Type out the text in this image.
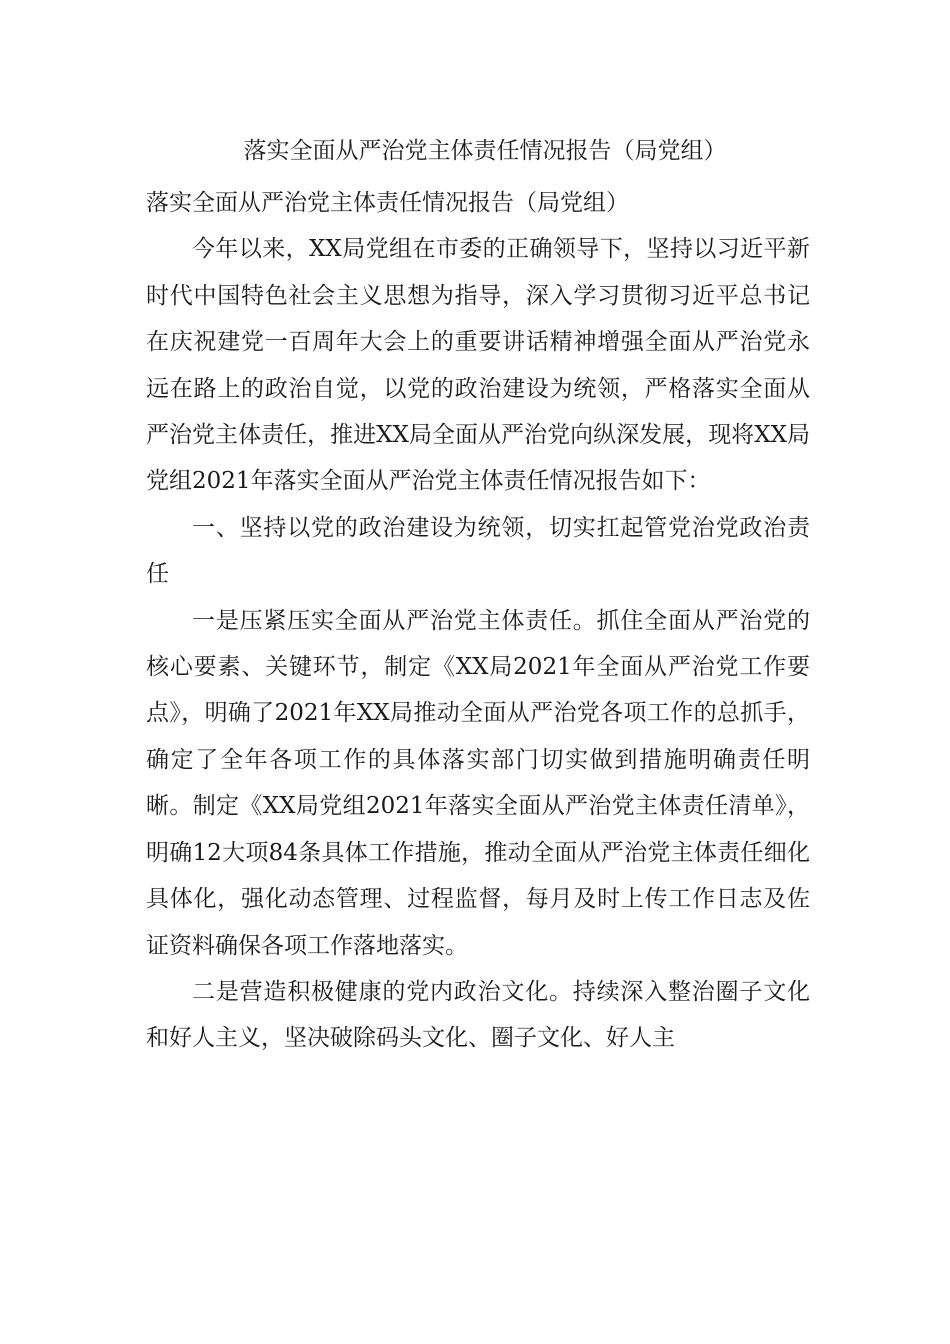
落实全面从严治党主体责任情况报告（局党组）

落实全面从严治党主体责任情况报告（局党组）

今年以来，XX局党组在市委的正确领导下，坚持以习近平新时代中国特色社会主义思想为指导，深入学习贯彻习近平总书记在庆祝建党一百周年大会上的重要讲话精神增强全面从严治党永远在路上的政治自觉，以党的政治建设为统领，严格落实全面从严治党主体责任，推进XX局全面从严治党向纵深发展，现将XX局党组2021年落实全面从严治党主体责任情况报告如下：

一、坚持以党的政治建设为统领，切实扛起管党治党政治责任

一是压紧压实全面从严治党主体责任。抓住全面从严治党的核心要素、关键环节，制定《XX局2021年全面从严治党工作要点》，明确了2021年XX局推动全面从严治党各项工作的总抓手，确定了全年各项工作的具体落实部门切实做到措施明确责任明晰。制定《XX局党组2021年落实全面从严治党主体责任清单》，明确12大项84条具体工作措施，推动全面从严治党主体责任细化具体化，强化动态管理、过程监督，每月及时上传工作日志及佐证资料确保各项工作落地落实。

二是营造积极健康的党内政治文化。持续深入整治圈子文化和好人主义，坚决破除码头文化、圈子文化、好人主
